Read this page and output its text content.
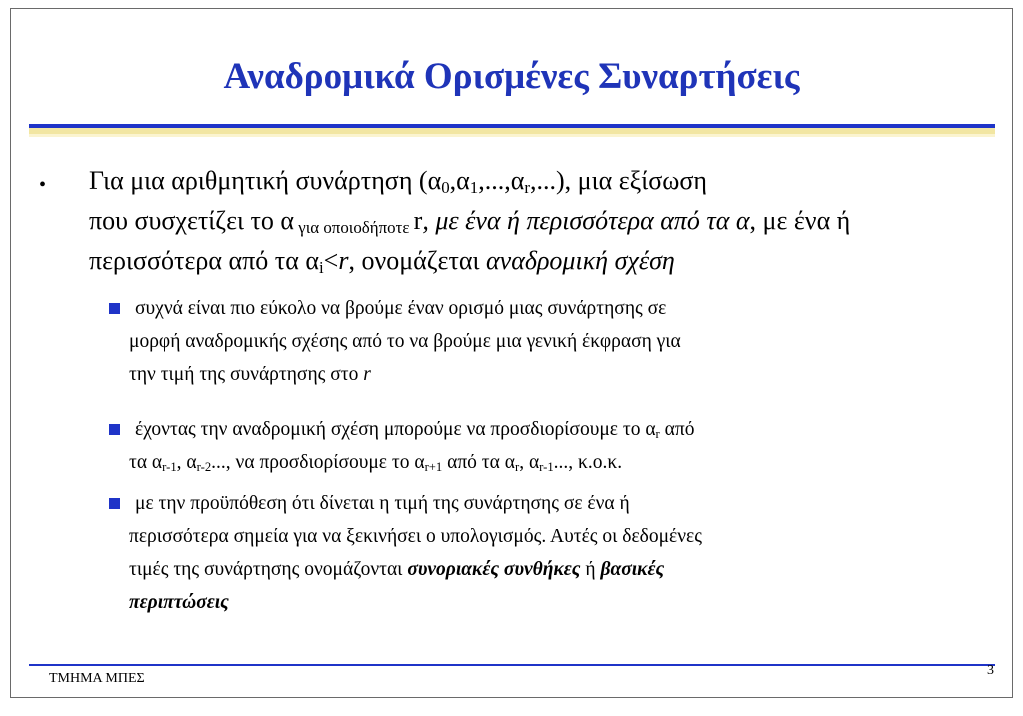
Αναδρομικά Ορισμένες Συναρτήσεις
• Για μια αριθμητική συνάρτηση $(\alpha_0,\alpha_1,...,\alpha_r,...)$, μια εξίσωση
που συσχετίζει το α $_{\gamma\iota\alpha o\pi o\iota o\delta ή\pi o\tau\varepsilon}$ r, με ένα ή περισσότερα από τα α, με ένα ή
περισσότερα από τα $\alpha_i<r$, ονομάζεται αναδρομική σχέση
συχνά είναι πιο εύκολο να βρούμε έναν ορισμό μιας συνάρτησης σε

μορφή αναδρομικής σχέσης από το να βρούμε μια γενική έκφραση για
την τιμή της συνάρτησης στο r
έχοντας την αναδρομική σχέση μπορούμε να προσδιορίσουμε το $\alpha_r$ από

τα $\alpha_{r-1}$, $\alpha_{r-2}$..., να προσδιορίσουμε το $\alpha_{r+1}$ από τα $\alpha_r$, $\alpha_{r-1}$..., κ.ο.κ.
με την προϋπόθεση ότι δίνεται η τιμή της συνάρτησης σε ένα ή

περισσότερα σημεία για να ξεκινήσει ο υπολογισμός. Αυτές οι δεδομένες
τιμές της συνάρτησης ονομάζονται συνοριακές συνθήκες ή βασικές
περιπτώσεις
ΤΜΗΜΑ ΜΠΕΣ
3
